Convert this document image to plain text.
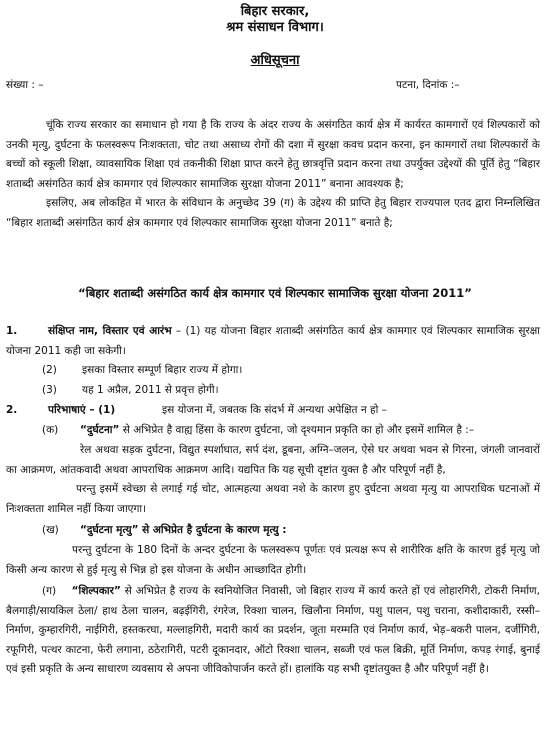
बिहार सरकार,
श्रम संसाधन विभाग।
अधिसूचना
संख्या : –	पटना, दिनांक :–

चूंकि राज्य सरकार का समाधान हो गया है कि राज्य के अंदर राज्य के असंगठित कार्य क्षेत्र में कार्यरत कामगारों एवं शिल्पकारों को उनकी मृत्यु, दुर्घटना के फलस्वरूप निःशक्तता, चोट तथा असाध्य रोगों की दशा में सुरक्षा कवच प्रदान करना, इन कामगारों तथा शिल्पकारों के बच्चों को स्कूली शिक्षा, व्यावसायिक शिक्षा एवं तकनीकी शिक्षा प्राप्त करने हेतु छात्रवृत्ति प्रदान करना तथा उपर्युक्त उद्देश्यों की पूर्ति हेतु “बिहार शताब्दी असंगठित कार्य क्षेत्र कामगार एवं शिल्पकार सामाजिक सुरक्षा योजना 2011” बनाना आवश्यक है;

इसलिए, अब लोकहित में भारत के संविधान के अनुच्छेद 39 (ग) के उद्देश्य की प्राप्ति हेतु बिहार राज्यपाल एतद द्वारा निम्नलिखित “बिहार शताब्दी असंगठित कार्य क्षेत्र कामगार एवं शिल्पकार सामाजिक सुरक्षा योजना 2011” बनाते है;

“बिहार शताब्दी असंगठित कार्य क्षेत्र कामगार एवं शिल्पकार सामाजिक सुरक्षा योजना 2011”
1.	संक्षिप्त नाम, विस्तार एवं आरंभ – (1) यह योजना बिहार शताब्दी असंगठित कार्य क्षेत्र कामगार एवं शिल्पकार सामाजिक सुरक्षा योजना 2011 कही जा सकेगी।
(2) इसका विस्तार सम्पूर्ण बिहार राज्य में होगा।
(3) यह 1 अप्रैल, 2011 से प्रवृत्त होगी।
2.	परिभाषाएं – (1)	इस योजना में, जबतक कि संदर्भ में अन्यथा अपेक्षित न हो –
(क) “दुर्घटना” से अभिप्रेत है वाह्य हिंसा के कारण दुर्घटना, जो दृश्यमान प्रकृति का हो और इसमें शामिल है :–
रेल अथवा सड़क दुर्घटना, विद्युत स्पर्शाघात, सर्प दंश, डूबना, अग्नि–जलन, ऐसे घर अथवा भवन से गिरना, जंगली जानवारों का आक्रमण, आंतकवादी अथवा आपराधिक आक्रमण आदि। यद्यपित कि यह सूची दृष्टांत युक्त है और परिपूर्ण नहीं है,
परन्तु इसमें स्वेच्छा से लगाई गई चोट, आत्महत्या अथवा नशे के कारण हुए दुर्घटना अथवा मृत्यु या आपराधिक घटनाओं में निःशक्तता शामिल नहीं किया जाएगा।
(ख) “दुर्घटना मृत्यु” से अभिप्रेत है दुर्घटना के कारण मृत्यु :
परन्तु दुर्घटना के 180 दिनों के अन्दर दुर्घटना के फलस्वरूप पूर्णतः एवं प्रत्यक्ष रूप से शारीरिक क्षति के कारण हुई मृत्यु जो किसी अन्य कारण से हुई मृत्यु से भिन्न हो इस योजना के अधीन आच्छादित होगी।
(ग) “शिल्पकार” से अभिप्रेत है राज्य के स्वनियोजित निवासी, जो बिहार राज्य में कार्य करते हों एवं लोहारगिरी, टोकरी निर्माण, बैलगाड़ी/सायकिल ठेला/ हाथ ठेला चालन, बढ़ईगिरी, रंगरेज, रिक्शा चालन, खिलौना निर्माण, पशु पालन, पशु चराना, कशीदाकारी, रस्सी–निर्माण, कुम्हारगिरी, नाईगिरी, हस्तकरघा, मल्लाहगिरी, मदारी कार्य का प्रदर्शन, जूता मरम्मति एवं निर्माण कार्य, भेड़–बकरी पालन, दर्जीगिरी, रफूगिरी, पत्थर काटना, फेरी लगाना, ठठेरागिरी, पटरी दूकानदार, ऑटो रिक्शा चालन, सब्जी एवं फल बिक्री, मूर्ति निर्माण, कपड़ रंगाई, बुनाई एवं इसी प्रकृति के अन्य साधारण व्यवसाय से अपना जीविकोपार्जन करते हों। हालांकि यह सभी दृष्टांतयुक्त है और परिपूर्ण नहीं है।
